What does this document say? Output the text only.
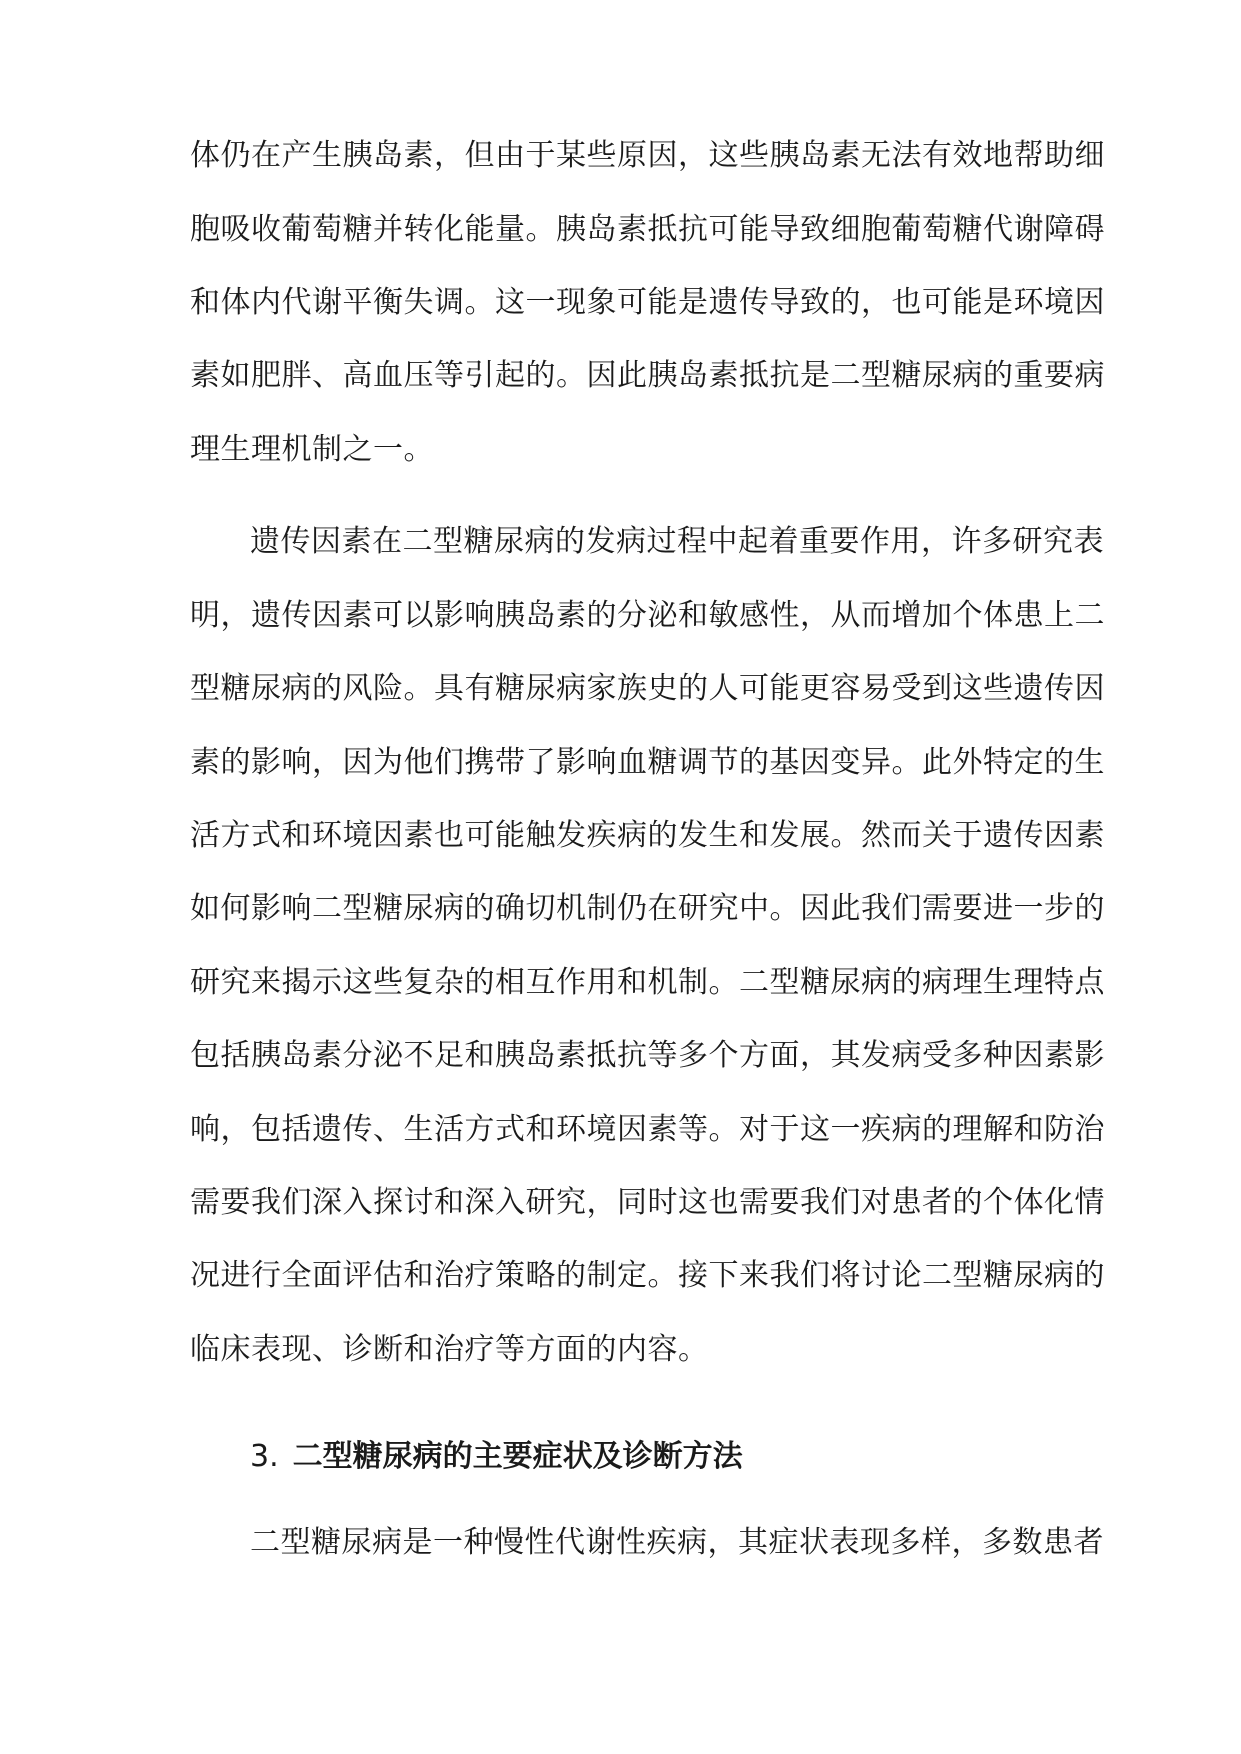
体仍在产生胰岛素，但由于某些原因，这些胰岛素无法有效地帮助细
胞吸收葡萄糖并转化能量。胰岛素抵抗可能导致细胞葡萄糖代谢障碍
和体内代谢平衡失调。这一现象可能是遗传导致的，也可能是环境因
素如肥胖、高血压等引起的。因此胰岛素抵抗是二型糖尿病的重要病
理生理机制之一。
遗传因素在二型糖尿病的发病过程中起着重要作用，许多研究表
明，遗传因素可以影响胰岛素的分泌和敏感性，从而增加个体患上二
型糖尿病的风险。具有糖尿病家族史的人可能更容易受到这些遗传因
素的影响，因为他们携带了影响血糖调节的基因变异。此外特定的生
活方式和环境因素也可能触发疾病的发生和发展。然而关于遗传因素
如何影响二型糖尿病的确切机制仍在研究中。因此我们需要进一步的
研究来揭示这些复杂的相互作用和机制。二型糖尿病的病理生理特点
包括胰岛素分泌不足和胰岛素抵抗等多个方面，其发病受多种因素影
响，包括遗传、生活方式和环境因素等。对于这一疾病的理解和防治
需要我们深入探讨和深入研究，同时这也需要我们对患者的个体化情
况进行全面评估和治疗策略的制定。接下来我们将讨论二型糖尿病的
临床表现、诊断和治疗等方面的内容。
3. 二型糖尿病的主要症状及诊断方法
二型糖尿病是一种慢性代谢性疾病，其症状表现多样，多数患者
